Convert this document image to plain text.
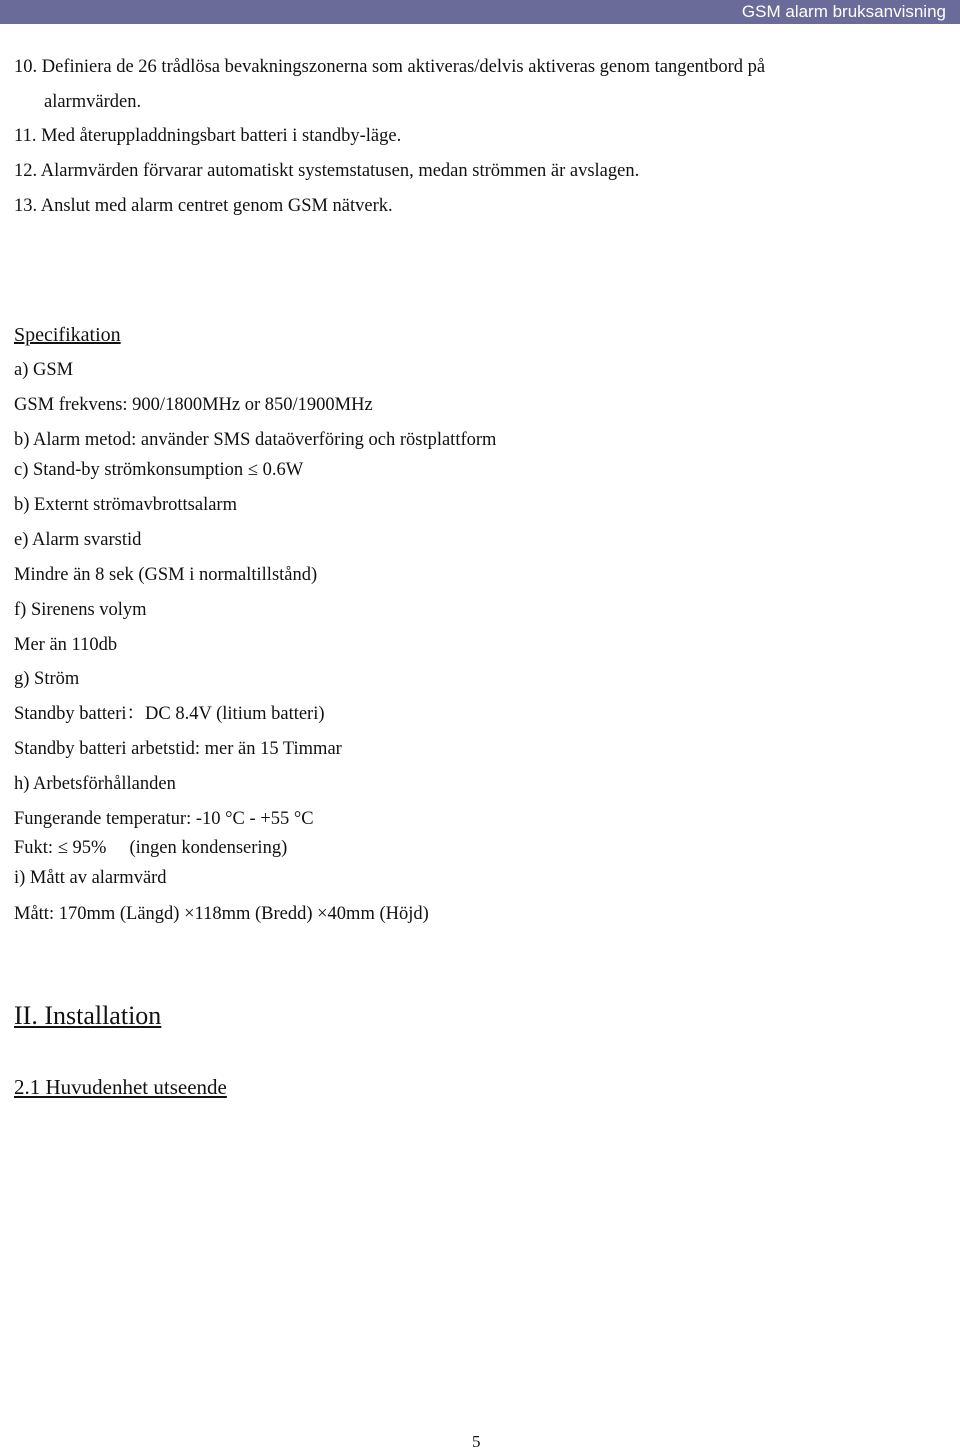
GSM alarm bruksanvisning
10. Definiera de 26 trådlösa bevakningszonerna som aktiveras/delvis aktiveras genom tangentbord på
alarmvärden.
11. Med återuppladdningsbart batteri i standby-läge.
12. Alarmvärden förvarar automatiskt systemstatusen, medan strömmen är avslagen.
13. Anslut med alarm centret genom GSM nätverk.
Specifikation
a) GSM
GSM frekvens: 900/1800MHz or 850/1900MHz
b) Alarm metod: använder SMS dataöverföring och röstplattform
c) Stand-by strömkonsumption ≤ 0.6W
b) Externt strömavbrottsalarm
e) Alarm svarstid
Mindre än 8 sek (GSM i normaltillstånd)
f) Sirenens volym
Mer än 110db
g) Ström
Standby batteri：DC 8.4V (litium batteri)
Standby batteri arbetstid: mer än 15 Timmar
h) Arbetsförhållanden
Fungerande temperatur: -10 °C - +55 °C
Fukt: ≤ 95%     (ingen kondensering)
i) Mått av alarmvärd
Mått: 170mm (Längd) ×118mm (Bredd) ×40mm (Höjd)
II. Installation
2.1 Huvudenhet utseende
5
